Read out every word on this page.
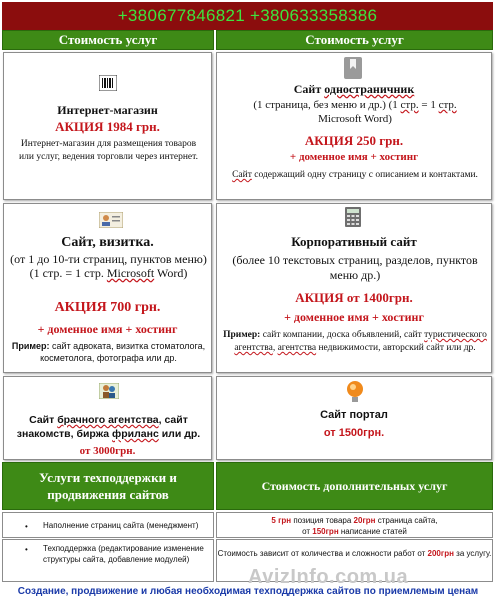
+380677846821 +380633358386
Стоимость услуг	Стоимость услуг
Интернет-магазин
АКЦИЯ 1984 грн.
Интернет-магазин для размещения товаров или услуг, ведения торговли через интернет.
Сайт одностраничник
(1 страница, без меню и др.) (1 стр. = 1 стр.
Microsoft Word)
АКЦИЯ 250 грн.
+ доменное имя + хостинг
Сайт содержащий одну страницу с описанием и контактами.
Сайт, визитка.
(от 1 до 10-ти страниц, пунктов меню) (1 стр. = 1 стр. Microsoft Word)
АКЦИЯ 700 грн.
+ доменное имя + хостинг
Пример: сайт адвоката, визитка стоматолога, косметолога, фотографа или др.
Корпоративный сайт
(более 10 текстовых страниц, разделов, пунктов меню др.)
АКЦИЯ от 1400грн.
+ доменное имя + хостинг
Пример: сайт компании, доска объявлений, сайт туристического агентства, агентства недвижимости, авторский сайт или др.
Сайт брачного агентства, сайт знакомств, биржа фриланс или др.
от 3000грн.
Сайт портал
от 1500грн.
Услуги техподдержки и продвижения сайтов
Стоимость дополнительных услуг
• Наполнение страниц сайта (менеджмент)
5 грн позиция товара 20грн страница сайта,
от 150грн написание статей
• Техподдержка (редактирование изменение структуры сайта, добавление модулей)
Стоимость зависит от количества и сложности работ от 200грн за услугу.
AvizInfo.com.ua
Создание, продвижение и любая необходимая техподдержка сайтов по приемлемым ценам
